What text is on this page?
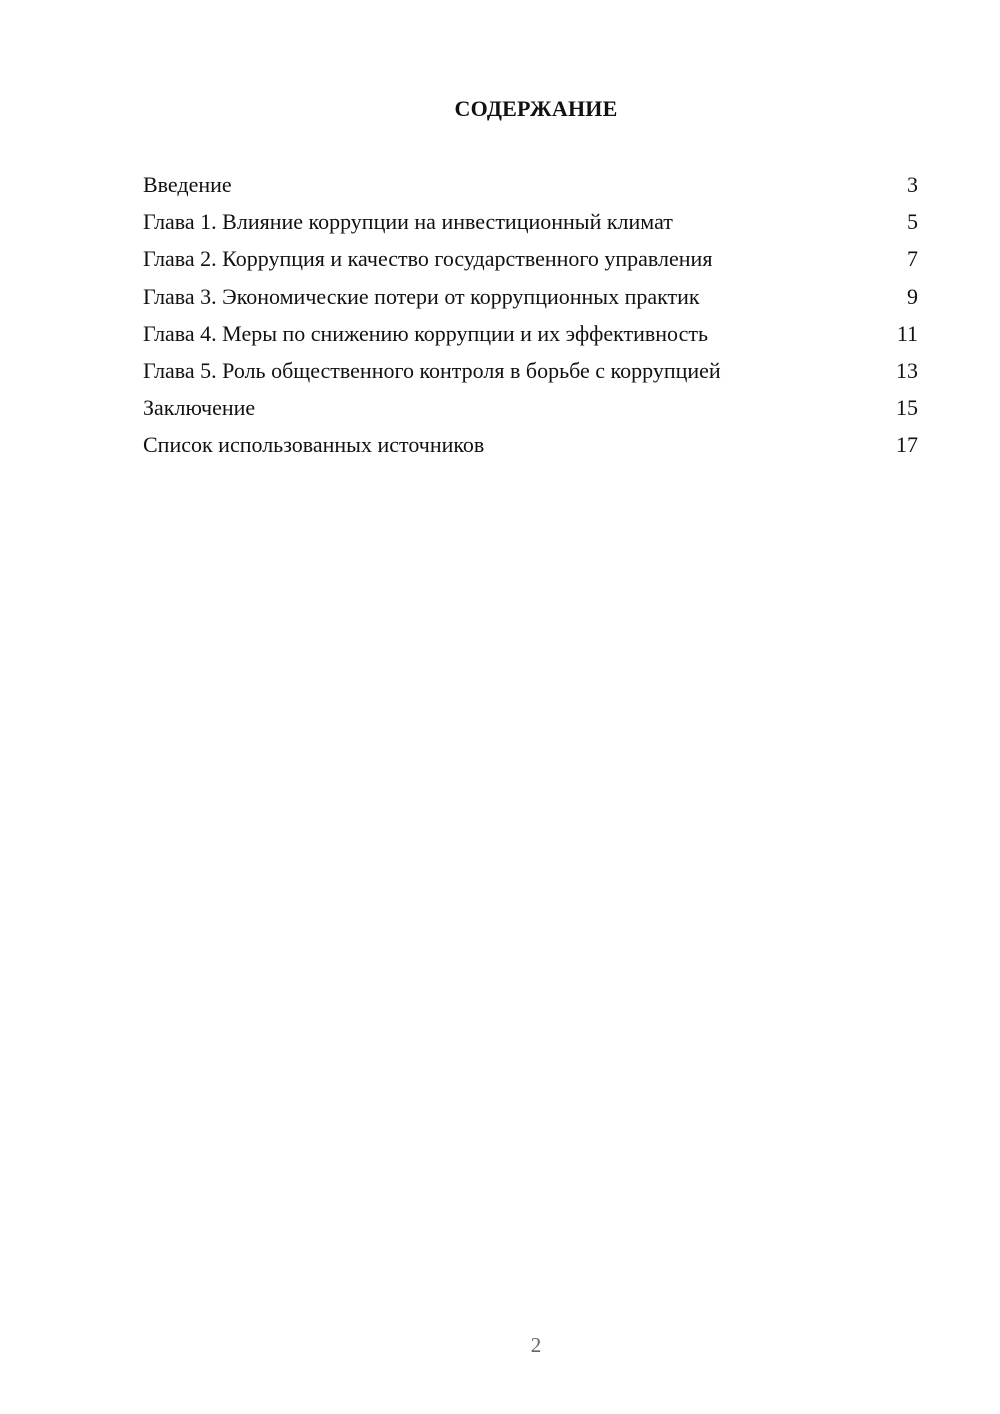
СОДЕРЖАНИЕ
Введение	3
Глава 1. Влияние коррупции на инвестиционный климат	5
Глава 2. Коррупция и качество государственного управления	7
Глава 3. Экономические потери от коррупционных практик	9
Глава 4. Меры по снижению коррупции и их эффективность	11
Глава 5. Роль общественного контроля в борьбе с коррупцией	13
Заключение	15
Список использованных источников	17
2
